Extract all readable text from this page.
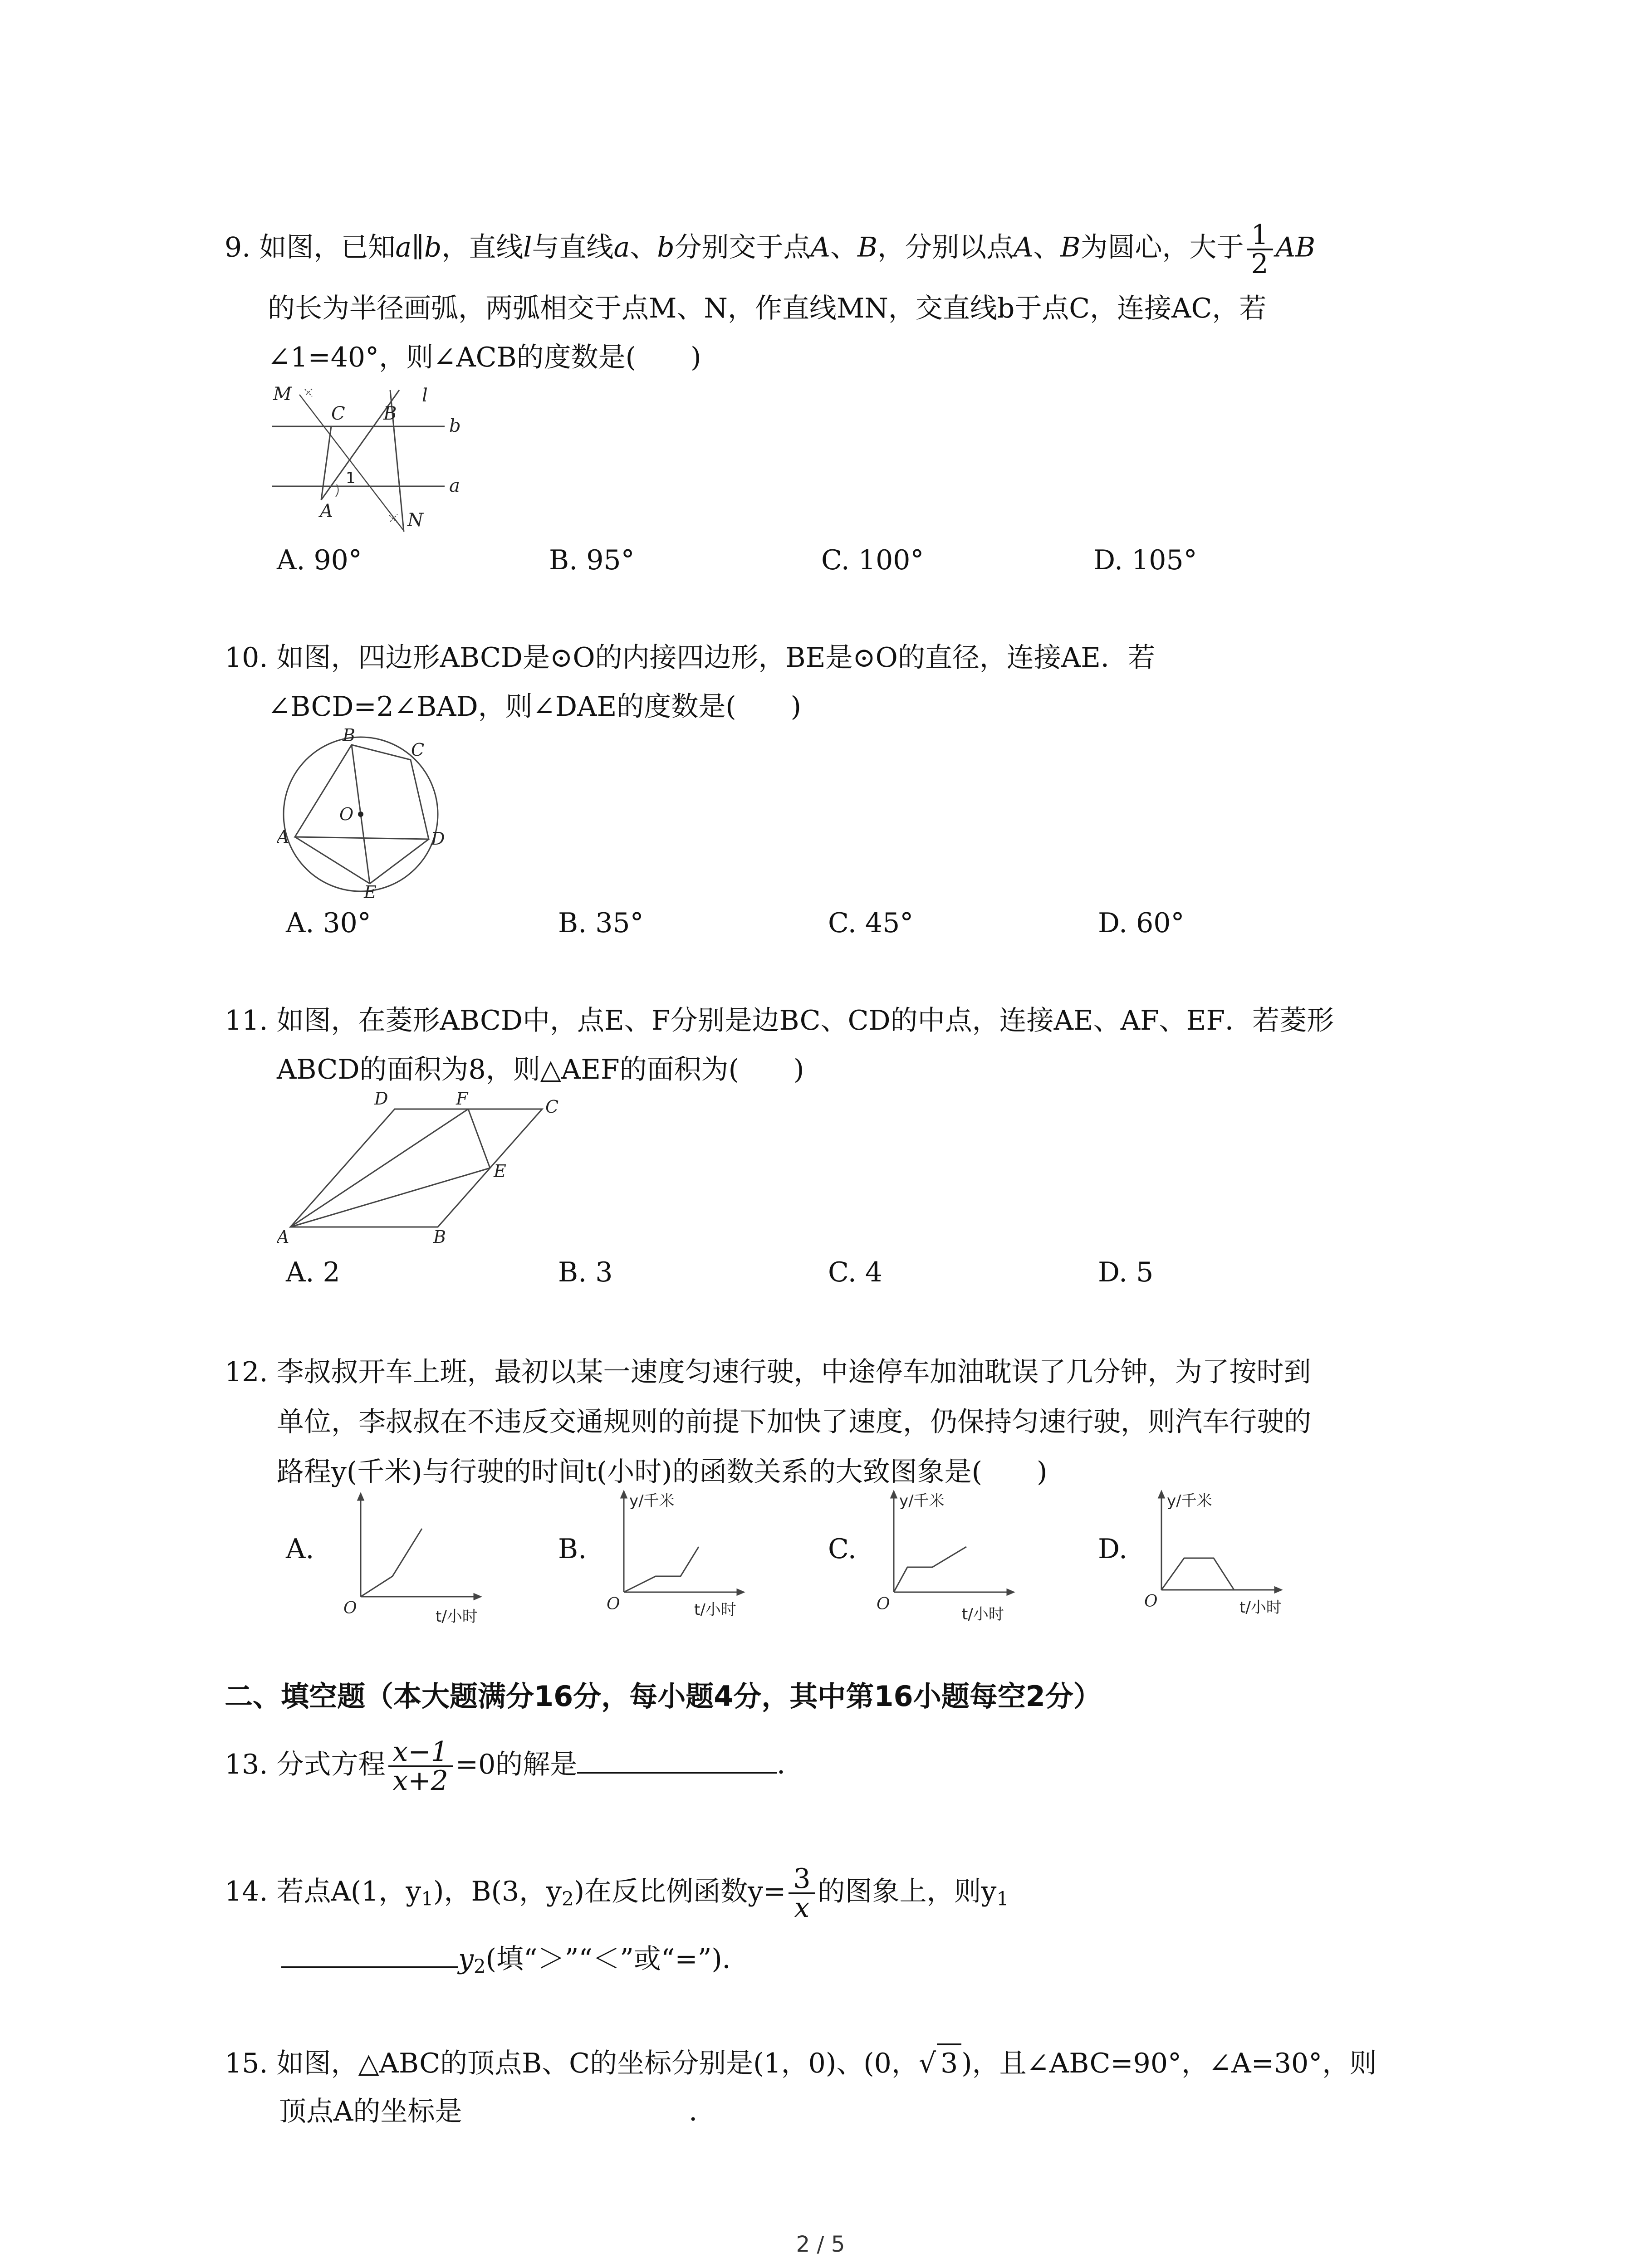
9. 如图，已知a∥b，直线l与直线a、b分别交于点A、B，分别以点A、B为圆心，大于 $\frac{1}{2}$ AB
的长为半径画弧，两弧相交于点M、N，作直线MN，交直线b于点C，连接AC，若
∠1=40°，则∠ACB的度数是(　　)
M
C B
l
b
1	a
A	N
A. 90°	B. 95°	C. 100°	D. 105°
10. 如图，四边形ABCD是⊙O的内接四边形，BE是⊙O的直径，连接AE．若
∠BCD=2∠BAD，则∠DAE的度数是(　　)
B
C
O
A	D
E
A. 30°	B. 35°	C. 45°	D. 60°
11. 如图，在菱形ABCD中，点E、F分别是边BC、CD的中点，连接AE、AF、EF．若菱形
ABCD的面积为8，则△AEF的面积为(　　)
D	F	C
E
A	B
A. 2	B. 3	C. 4	D. 5
12. 李叔叔开车上班，最初以某一速度匀速行驶，中途停车加油耽误了几分钟，为了按时到
单位，李叔叔在不违反交通规则的前提下加快了速度，仍保持匀速行驶，则汽车行驶的
路程y(千米)与行驶的时间t(小时)的函数关系的大致图象是(　　)
A.
O	t/小时
B.
y/千米
O	t/小时
C.
y/千米
O
t/小时
D.
y/千米
O	t/小时
二、填空题（本大题满分16分，每小题4分，其中第16小题每空2分）
13. 分式方程 $\frac{x-1}{x+2} =0$的解是	．
14. 若点A(1，$y_1$)，B(3，$y_2$)在反比例函数$y= \frac{3}{x}$ 的图象上，则$y_1$
$y_2$(填“＞”“＜”或“=”)．
15. 如图，△ABC的顶点B、C的坐标分别是(1，0)、(0，√ 3 )，且∠ABC=90°，∠A=30°，则
顶点A的坐标是	．
2 / 5
